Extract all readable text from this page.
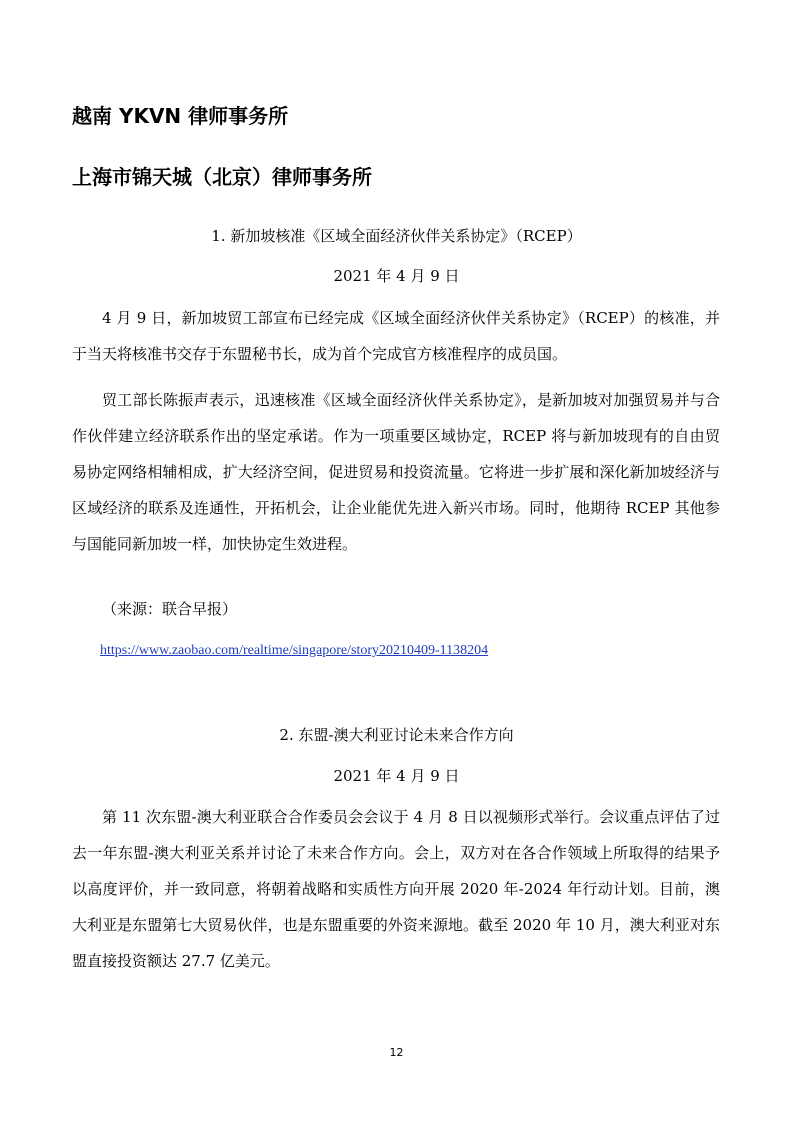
越南 YKVN 律师事务所
上海市锦天城（北京）律师事务所

1. 新加坡核准《区域全面经济伙伴关系协定》（RCEP）

2021 年 4 月 9 日

4 月 9 日，新加坡贸工部宣布已经完成《区域全面经济伙伴关系协定》（RCEP）的核准，并于当天将核准书交存于东盟秘书长，成为首个完成官方核准程序的成员国。

贸工部长陈振声表示，迅速核准《区域全面经济伙伴关系协定》，是新加坡对加强贸易并与合作伙伴建立经济联系作出的坚定承诺。作为一项重要区域协定，RCEP 将与新加坡现有的自由贸易协定网络相辅相成，扩大经济空间，促进贸易和投资流量。它将进一步扩展和深化新加坡经济与区域经济的联系及连通性，开拓机会，让企业能优先进入新兴市场。同时，他期待 RCEP 其他参与国能同新加坡一样，加快协定生效进程。

（来源：联合早报）

https://www.zaobao.com/realtime/singapore/story20210409-1138204

2. 东盟-澳大利亚讨论未来合作方向

2021 年 4 月 9 日

第 11 次东盟-澳大利亚联合合作委员会会议于 4 月 8 日以视频形式举行。会议重点评估了过去一年东盟-澳大利亚关系并讨论了未来合作方向。会上，双方对在各合作领域上所取得的结果予以高度评价，并一致同意，将朝着战略和实质性方向开展 2020 年-2024 年行动计划。目前，澳大利亚是东盟第七大贸易伙伴，也是东盟重要的外资来源地。截至 2020 年 10 月，澳大利亚对东盟直接投资额达 27.7 亿美元。

12
